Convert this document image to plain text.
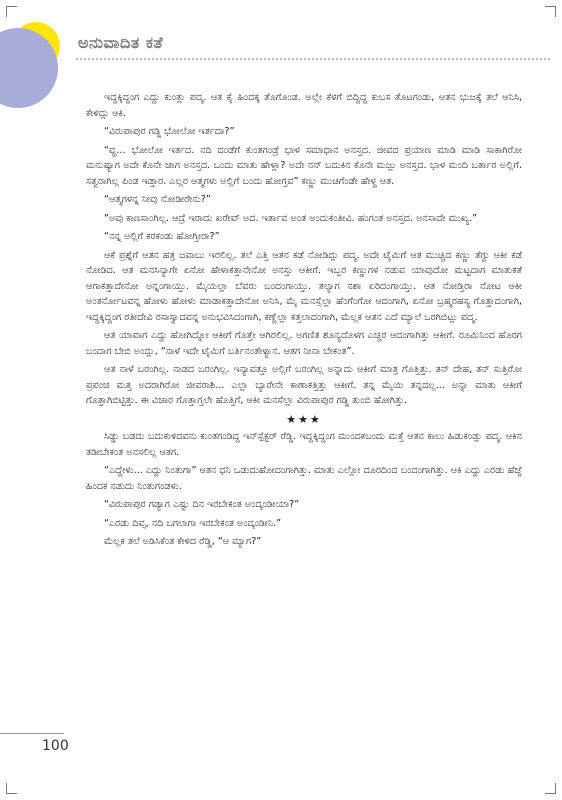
ಅನುವಾದಿತ ಕತೆ

ಇದ್ದಕ್ಕಿದ್ದಂಗ ಎದ್ದು ಕುಂತ್ಲು ಪದ್ಮ. ಆತ ಕೈ ಹಿಂದಕ್ಕ ತೊಗೊಂಡ. ಅಲ್ಲೇ ಕೆಳಗೆ ಬಿದ್ದಿದ್ದ ಕುಬಸ ತೊಟಗಂಡು, ಆತನ ಭುಜಕ್ಕೆ ತಲೆ ಆನಿಸಿ, ಕೇಳಿದ್ಲು ಆಕಿ.

“ವಿರುಪಾಪುರ ಗಡ್ಡಿ ಭೋಲೋ ಇರ್ತದಾ?”

“ವ್ಹ... ಭೋಲೋ ಇರ್ತದ. ನದಿ ದಂಡೆಗೆ ಕುಂತಗಂಡ್ರೆ ಭಾಳ ಸಮಾಧಾನ ಅನಸ್ತದ. ಜೀವದ ಪ್ರಯಾಣ ಮಾಡಿ ಮಾಡಿ ಸಾಕಾಗಿರೋ ಮನುಷ್ಯಾಗ ಅದೇ ಕೊನೇ ಜಾಗ ಅನಸ್ತದ. ಒಂದು ಮಾತು ಹೇಳ್ಲಾ? ಅದೇ ನನ್ ಬದುಕಿನ ಕೊನೇ ಮಜ್ಲು ಅನಸ್ತದ. ಭಾಳ ಮಂದಿ ಬರ್ತಾರ ಅಲ್ಲಿಗೆ. ಸತ್ವರಾಗಿಲ್ಲ ಪಿಂಡ ಇಡ್ತಾರ. ಎಲ್ಲರ ಆತ್ಮಗಳು ಅಲ್ಲಿಗೆ ಬಂದು ಹೋಗ್ತವ” ಕಣ್ಣು ಮುಚಿಗೆಂಡೇ ಹೇಳ್ದ ಆತ.

“ಆತ್ಮಗಳನ್ನ ನೀವು ನೋಡೀರೇನು?”

“ಅವು ಕಾಣಸಾಂಗಿಲ್ಲ. ಆದ್ರೆ ಇರಾದು ಖರೇವ್ ಅದ. ಇರ್ತಾವ ಅಂತ ಅಂದುಕಂತೀವಿ. ಹಂಗಂತ ಅನಸ್ತದ. ಅನಸಾದೇ ಮುಖ್ಯ.”

“ನನ್ನ ಅಲ್ಲಿಗೆ ಕರಕಂಡು ಹೋಗ್ತೀರಾ?”

ಆಕೆ ಪ್ರಶ್ನೆಗೆ ಆತನ ಹತ್ರ ಜವಾಬು ಇರಲಿಲ್ಲ. ತಲೆ ಎತ್ತಿ ಆತನ ಕಡೆ ನೋಡಿದ್ಲು ಪದ್ಮ. ಅದೇ ಟೈಮಿಗೆ ಆತ ಮುಚ್ಚಿದ ಕಣ್ಣು ತೆಗ್ದು ಆಕೀ ಕಡೆ ನೋಡಿದ. ಆತ ಮನಸಿನ್ಯಾಗೇ ಏನೋ ಹೇಳಾಕತ್ತಾನೇನೋ ಅನಸ್ತು ಆಕೀಗೆ. ಇಬ್ಬರ ಕಣ್ಣುಗಳ ನಡುವ ಯಾವುದೋ ಮಟ್ಟದಾಗ ಮಾತುಕತೆ ಆಗಾಕತ್ತಾದೇನೋ ಅನ್ನಂಗಾಯ್ತು. ಮೈಯಲ್ಲಾ ಬೆವರು ಬಂದಂಗಾಯ್ತು. ತಲ್ಯಾಗ ನಶಾ ಏರಿದಂಗಾಯ್ತು. ಆತ ನೋಡ್ತಿರಾ ನೋಟ ಆಕೀ ಅಂತರ್ನೋಟವನ್ನ ಹೋಳು ಹೋಳು ಮಾಡಾಕತ್ತಾದೇನೋ ಅನಿಸಿ, ಮೈ ಮನಸ್ಸೆಲ್ಲಾ ಹೆಂಗೆಂಗೋ ಆದಂಗಾಗಿ, ಏನೋ ಬ್ರಹ್ಮರಹಸ್ಯ ಗೊತ್ತಾದಂಗಾಗಿ, ಇದ್ದಕ್ಕಿದ್ದಂಗ ರತೀದೇವಿ ರಸಾಸ್ವಾದವನ್ನ ಅನುಭವಿಸಿದಂಗಾಗಿ, ಕಣ್ಣೆಲ್ಲಾ ಕತ್ತಲಾದಂಗಾಗಿ, ಮೆಲ್ಲಕ ಆತನ ಎದೆ ಮ್ಯಾಲೆ ಒರಗಿಬಿಟ್ಲು ಪದ್ಮ.

ಆತ ಯಾವಾಗ ಎದ್ದು ಹೋಗಿದ್ನೋ ಆಕೀಗೆ ಗೊತ್ತೇ ಆಗಿರಲಿಲ್ಲ. ಅಗಣಿತ ಶೂನ್ಯದೊಳಗ ಎಚ್ಚರ ಆದಂಗಾಗಿತ್ತು ಆಕೀಗೆ. ರೂಮಿನಿಂದ ಹೊರಗ ಬಂದಾಗ ಬೇಬಿ ಅಂದ್ಲು, “ನಾಳೆ ಇದೇ ಟೈಮಿಗೆ ಬರ್ತಿನಂತೇಳ್ಯಾನ. ಆತಗ ನೀನಾ ಬೇಕಂತ”.

ಆತ ನಾಳೆ ಬರಂಗಿಲ್ಲ. ನಾಡದ ಬರಂಗಿಲ್ಲ. ಇನ್ಯಾವತ್ತೂ ಅಲ್ಲಿಗೆ ಬರಂಗಿಲ್ಲ ಅನ್ನಾದು ಆಕೀಗೆ ಮಾತ್ರ ಗೊತ್ತಿತ್ತು. ತನ್ ದೇಹ, ತನ್ ಸುತ್ತಿರೋ ಪ್ರಪಂಚ ಮತ್ತ ಅದರಾಗಿರೋ ಜೀವರಾಶಿ... ಎಲ್ಲಾ ಬ್ಯಾರೇನೇ ಕಾಣಾಕತ್ತಿತ್ತು ಆಕೀಗೆ. ತನ್ನ ಮೈಯಿ ತನ್ನದಲ್ಲ... ಅನ್ನಾ ಮಾತು ಆಕೀಗೆ ಗೊತ್ತಾಗಿಬಿಟ್ಟಿತ್ತು. ಈ ವಿಚಾರ ಗೊತ್ತಾಗ್ತಲೇ ಹೊತ್ತಿಗೆ, ಆಕೀ ಮನಸೆಲ್ಲಾ ವಿರುಪಾಪುರ ಗಡ್ಡಿ ತುಂಬಿ ಹೋಗಿತ್ತು.

★★★

ಸಿಡ್ಡು ಬಡದು ಬದುಕುಳಿದವನು ಕುಂತಗಂಡಿದ್ದ ಇನ್‌ಸ್ಪೆಕ್ಟರ್ ರೆಡ್ಡಿ. ಇದ್ದಕ್ಕಿದ್ದಂಗ ಮುಂದಕಬಂದು ಮತ್ತೆ ಆತನ ಕಾಲು ಹಿಡುಕಂಡ್ಲು ಪದ್ಮ. ಆಕಿನ ತಡೀಬೇಕಂತ ಅನಸಲಿಲ್ಲ ಆತಗ.

“ಎದ್ದೇಳು... ಎದ್ದು ನಿಂತುಗಾ” ಆತನ ಧನಿ ಒಡುದುಹೋದಂಗಾಗಿತ್ತು. ಮಾತು ಎಲ್ಲೋ ದೂರದಿಂದ ಬಂದಂಗಾಗಿತ್ತು. ಆಕಿ ಎದ್ದು ಎರಡು ಹೆಜ್ಜೆ ಹಿಂದಕ ನಡುದು ನಿಂತುಗಂಡಳು.

“ವಿರುಪಾಪುರ ಗಡ್ಯಾಗ ಎಷ್ಟು ದಿನ ಇರಬೇಕಂತ ಅಂದ್ಕಂಡೀಯಾ?”

“ಎರಡು ದಿವ್ಸ, ನದಿ ಬಗಲಾಗಾ ಇರಬೇಕಂತ ಅಂದ್ಕಂಡೀನಿ.”

ಮೆಲ್ಲಕ ತಲೆ ಅಡಿಸಿಕೆಂತ ಕೇಳಿದ ರೆಡ್ಡಿ, “ಆ ಮ್ಯಾಗ?”

100
